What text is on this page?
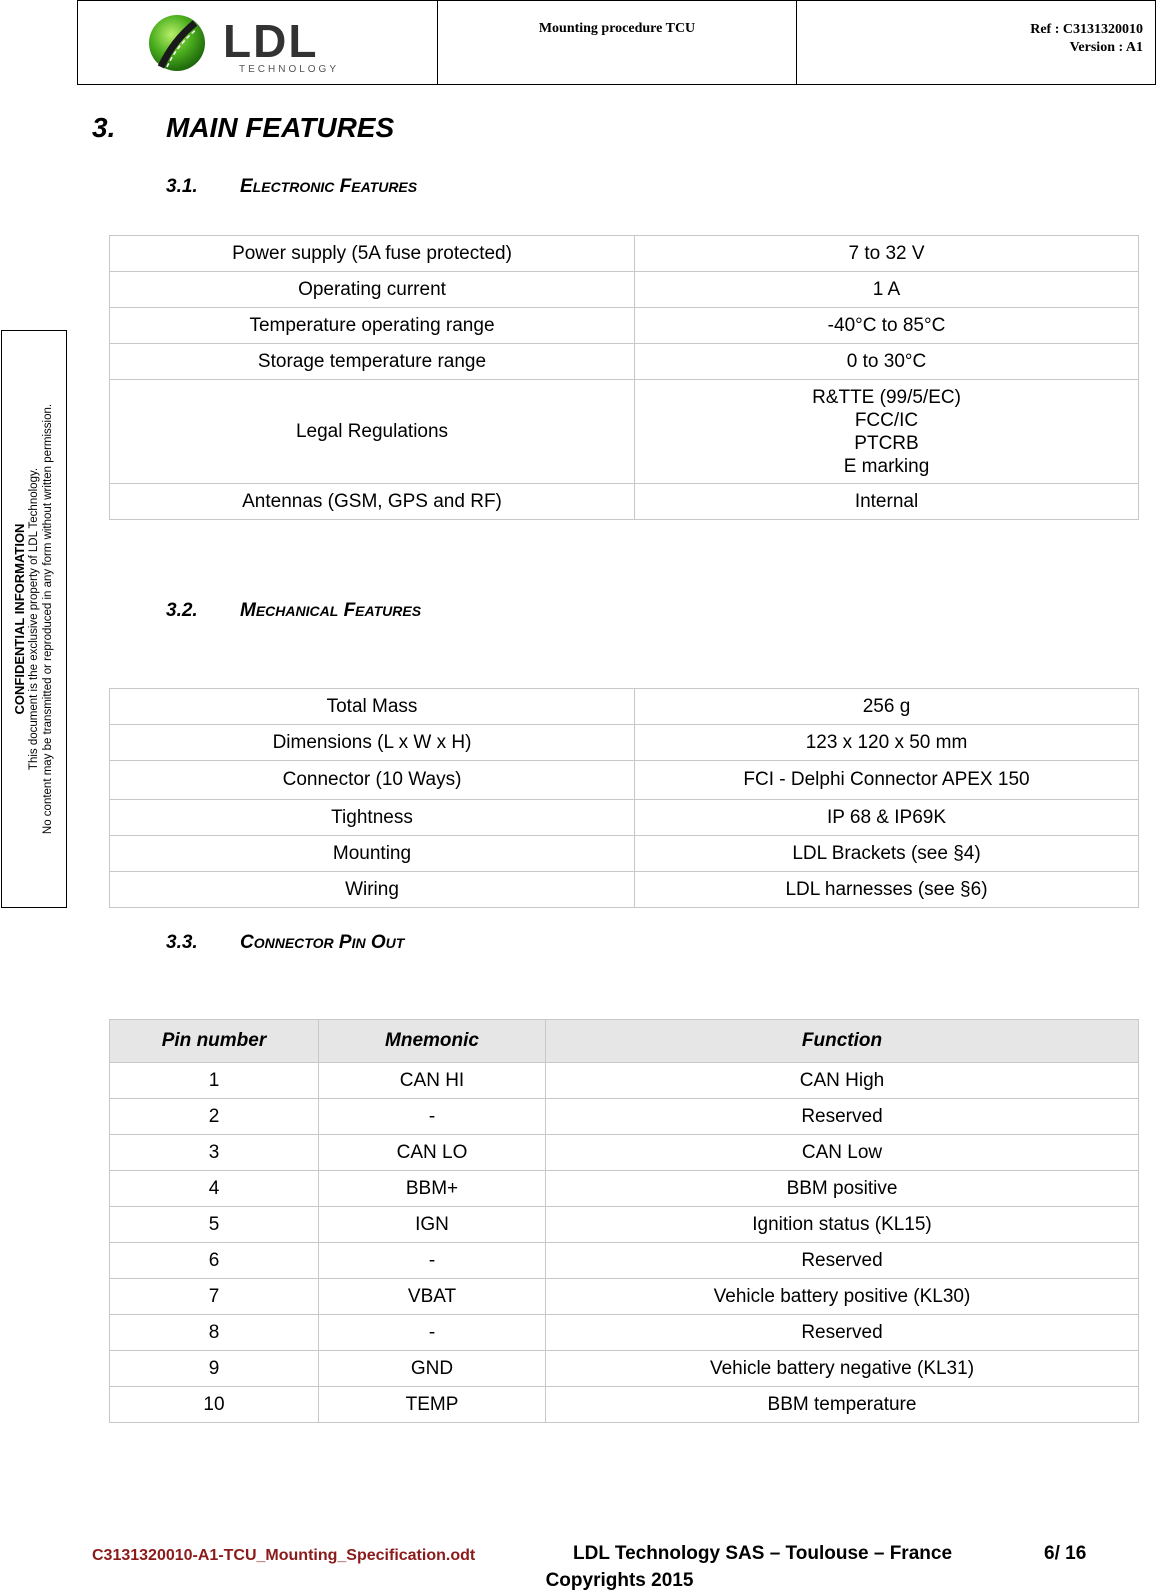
LDL
TECHNOLOGY
Mounting procedure TCU	Ref : C3131320010
Version : A1
CONFIDENTIAL INFORMATION This document is the exclusive property of LDL Technology. No content may be transmitted or reproduced in any form without written permission.
3. MAIN FEATURES
3.1. ELECTRONIC FEATURES
Power supply (5A fuse protected)	7 to 32 V
Operating current	1 A
Temperature operating range	-40°C to 85°C
Storage temperature range	0 to 30°C
Legal Regulations	R&TTE (99/5/EC)
FCC/IC
PTCRB
E marking

Antennas (GSM, GPS and RF)	Internal
3.2. MECHANICAL FEATURES
Total Mass	256 g
Dimensions (L x W x H)	123 x 120 x 50 mm
Connector (10 Ways)	FCI - Delphi Connector APEX 150
Tightness	IP 68 & IP69K
Mounting	LDL Brackets (see §4)
Wiring	LDL harnesses (see §6)
3.3. CONNECTOR PIN OUT
Pin number	Mnemonic	Function
1	CAN HI	CAN High
2	-	Reserved
3	CAN LO	CAN Low
4	BBM+	BBM positive
5	IGN	Ignition status (KL15)
6	-	Reserved
7	VBAT	Vehicle battery positive (KL30)
8	-	Reserved
9	GND	Vehicle battery negative (KL31)
10	TEMP	BBM temperature
C3131320010-A1-TCU_Mounting_Specification.odt	LDL Technology SAS – Toulouse – France	6/ 16
Copyrights 2015
